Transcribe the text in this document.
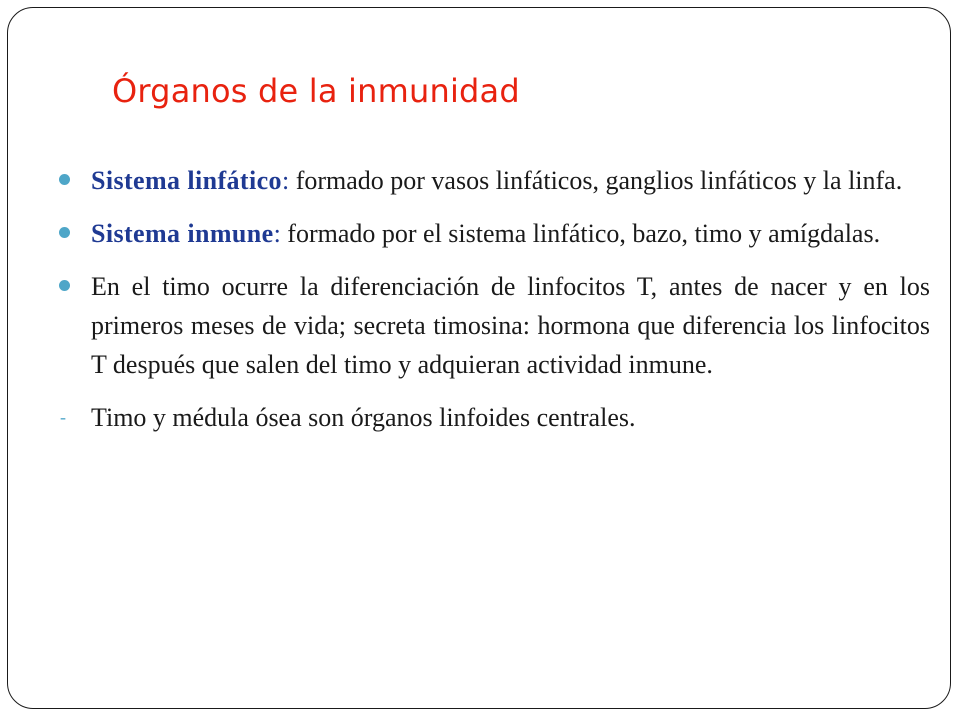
Órganos de la inmunidad
Sistema linfático: formado por vasos linfáticos, ganglios linfáticos y la linfa.
Sistema inmune: formado por el sistema linfático, bazo, timo y amígdalas.
En el timo ocurre la diferenciación de linfocitos T, antes de nacer y en los primeros meses de vida; secreta timosina: hormona que diferencia los linfocitos T después que salen del timo y adquieran actividad inmune.
- Timo y médula ósea son órganos linfoides centrales.
